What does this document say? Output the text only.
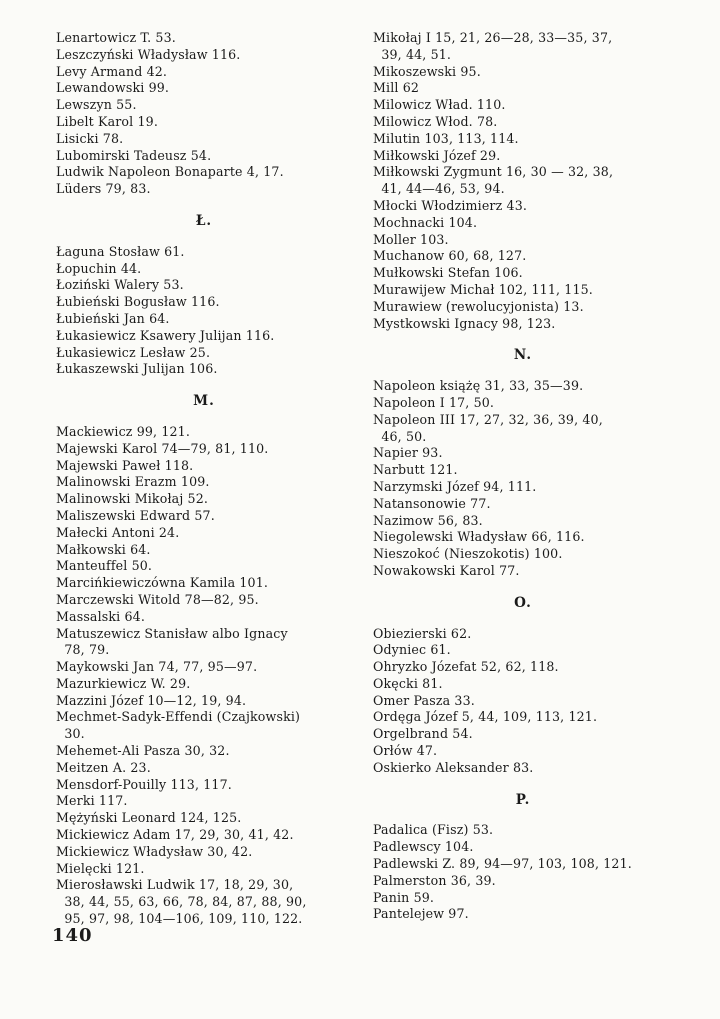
Lenartowicz T. 53.
Leszczyński Władysław 116.
Levy Armand 42.
Lewandowski 99.
Lewszyn 55.
Libelt Karol 19.
Lisicki 78.
Lubomirski Tadeusz 54.
Ludwik Napoleon Bonaparte 4, 17.
Lüders 79, 83.
Ł.
Łaguna Stosław 61.
Łopuchin 44.
Łoziński Walery 53.
Łubieński Bogusław 116.
Łubieński Jan 64.
Łukasiewicz Ksawery Julijan 116.
Łukasiewicz Lesław 25.
Łukaszewski Julijan 106.
M.
Mackiewicz 99, 121.
Majewski Karol 74—79, 81, 110.
Majewski Paweł 118.
Malinowski Erazm 109.
Malinowski Mikołaj 52.
Maliszewski Edward 57.
Małecki Antoni 24.
Małkowski 64.
Manteuffel 50.
Marcińkiewiczówna Kamila 101.
Marczewski Witold 78—82, 95.
Massalski 64.
Matuszewicz Stanisław albo Ignacy
78, 79.
Maykowski Jan 74, 77, 95—97.
Mazurkiewicz W. 29.
Mazzini Józef 10—12, 19, 94.
Mechmet-Sadyk-Effendi (Czajkowski)
30.
Mehemet-Ali Pasza 30, 32.
Meitzen A. 23.
Mensdorf-Pouilly 113, 117.
Merki 117.
Mężyński Leonard 124, 125.
Mickiewicz Adam 17, 29, 30, 41, 42.
Mickiewicz Władysław 30, 42.
Mielęcki 121.
Mierosławski Ludwik 17, 18, 29, 30,
38, 44, 55, 63, 66, 78, 84, 87, 88, 90,
95, 97, 98, 104—106, 109, 110, 122.
Mikołaj I 15, 21, 26—28, 33—35, 37,
39, 44, 51.
Mikoszewski 95.
Mill 62
Milowicz Wład. 110.
Milowicz Włod. 78.
Milutin 103, 113, 114.
Miłkowski Józef 29.
Miłkowski Zygmunt 16, 30 — 32, 38,
41, 44—46, 53, 94.
Młocki Włodzimierz 43.
Mochnacki 104.
Moller 103.
Muchanow 60, 68, 127.
Mułkowski Stefan 106.
Murawijew Michał 102, 111, 115.
Murawiew (rewolucyjonista) 13.
Mystkowski Ignacy 98, 123.
N.
Napoleon książę 31, 33, 35—39.
Napoleon I 17, 50.
Napoleon III 17, 27, 32, 36, 39, 40,
46, 50.
Napier 93.
Narbutt 121.
Narzymski Józef 94, 111.
Natansonowie 77.
Nazimow 56, 83.
Niegolewski Władysław 66, 116.
Nieszokoć (Nieszokotis) 100.
Nowakowski Karol 77.
O.
Obiezierski 62.
Odyniec 61.
Ohryzko Józefat 52, 62, 118.
Okęcki 81.
Omer Pasza 33.
Ordęga Józef 5, 44, 109, 113, 121.
Orgelbrand 54.
Orłów 47.
Oskierko Aleksander 83.
P.
Padalica (Fisz) 53.
Padlewscy 104.
Padlewski Z. 89, 94—97, 103, 108, 121.
Palmerston 36, 39.
Panin 59.
Pantelejew 97.
140
